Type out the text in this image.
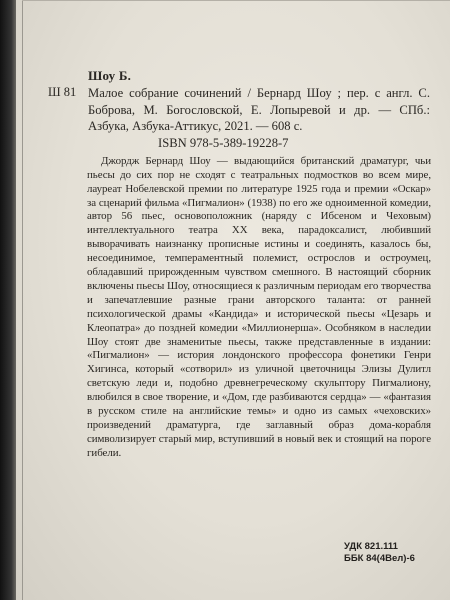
Шоу Б.
Ш 81 Малое собрание сочинений / Бернард Шоу ; пер. с англ. С. Боброва, М. Богословской, Е. Лопыревой и др. — СПб.: Азбука, Азбука-Аттикус, 2021. — 608 с.

ISBN 978-5-389-19228-7

Джордж Бернард Шоу — выдающийся британский драматург, чьи пьесы до сих пор не сходят с театральных подмостков во всем мире, лауреат Нобелевской премии по литературе 1925 года и премии «Оскар» за сценарий фильма «Пигмалион» (1938) по его же одноименной комедии, автор 56 пьес, основоположник (наряду с Ибсеном и Чеховым) интеллектуального театра XX века, парадоксалист, любивший выворачивать наизнанку прописные истины и соединять, казалось бы, несоединимое, темпераментный полемист, острослов и остроумец, обладавший прирожденным чувством смешного. В настоящий сборник включены пьесы Шоу, относящиеся к различным периодам его творчества и запечатлевшие разные грани авторского таланта: от ранней психологической драмы «Кандида» и исторической пьесы «Цезарь и Клеопатра» до поздней комедии «Миллионерша». Особняком в наследии Шоу стоят две знаменитые пьесы, также представленные в издании: «Пигмалион» — история лондонского профессора фонетики Генри Хигинса, который «сотворил» из уличной цветочницы Элизы Дулитл светскую леди и, подобно древнегреческому скульптору Пигмалиону, влюбился в свое творение, и «Дом, где разбиваются сердца» — «фантазия в русском стиле на английские темы» и одно из самых «чеховских» произведений драматурга, где заглавный образ дома-корабля символизирует старый мир, вступивший в новый век и стоящий на пороге гибели.

УДК 821.111
ББК 84(4Вел)-6
